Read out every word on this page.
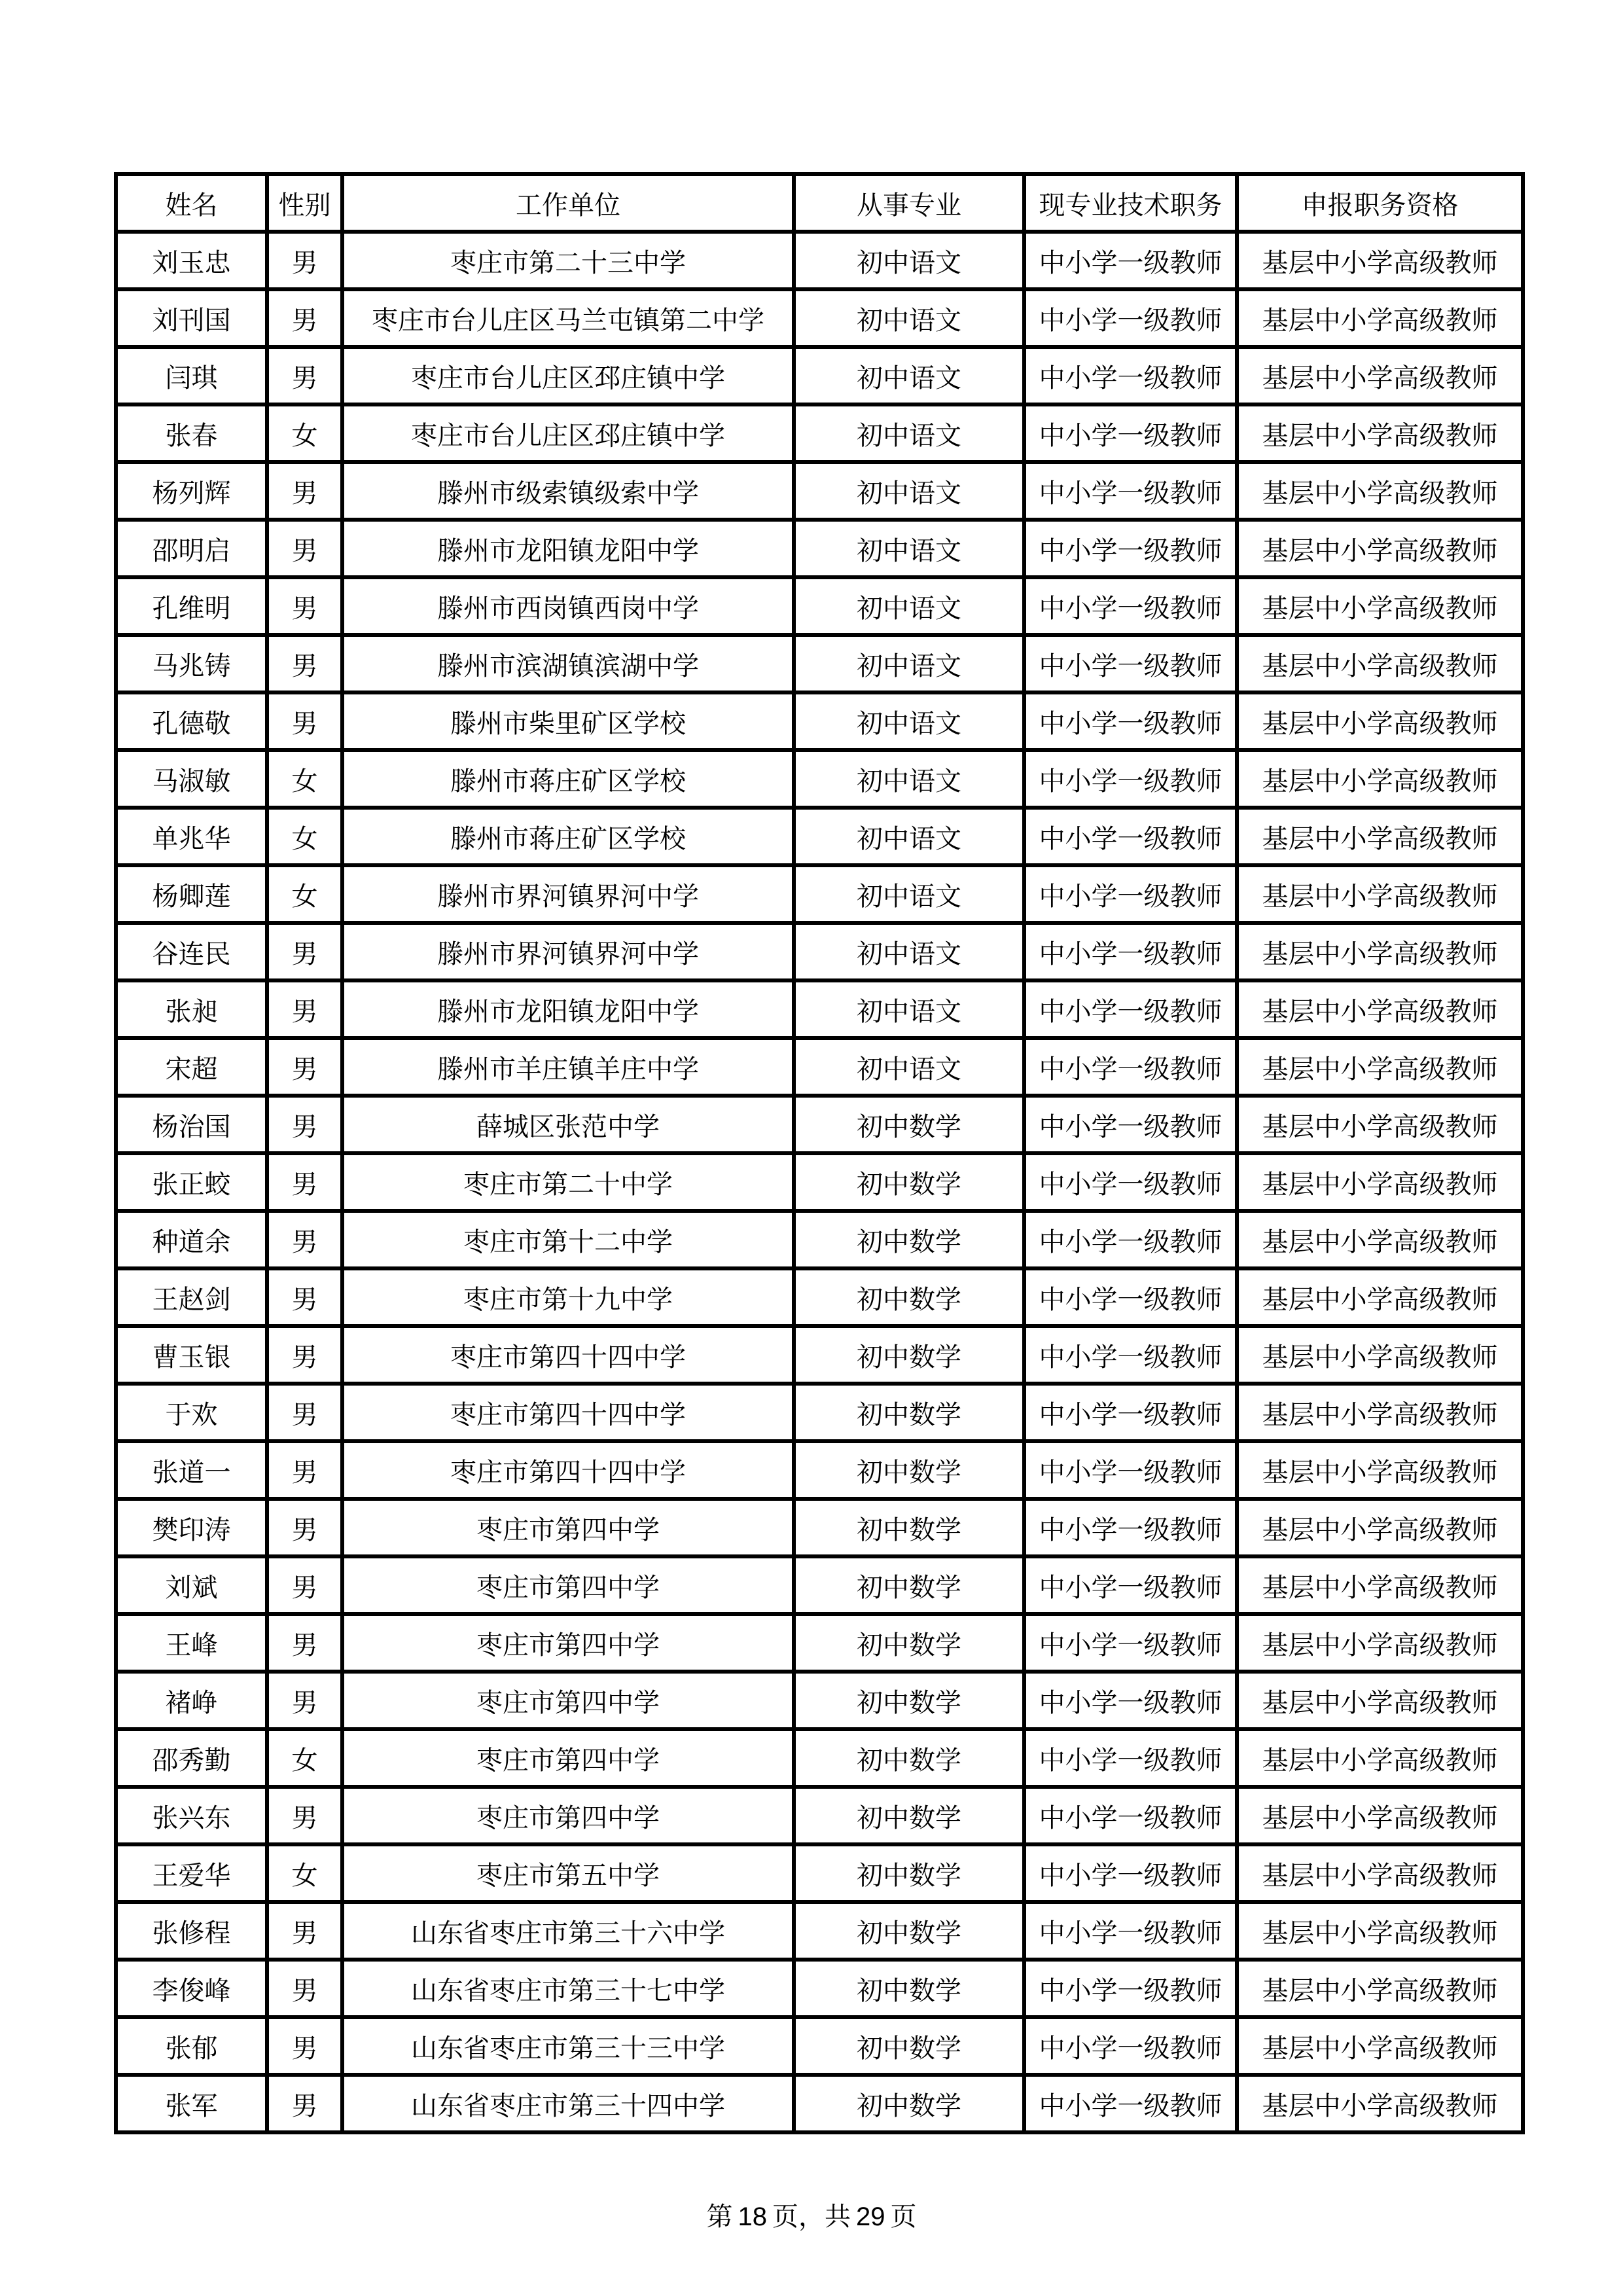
姓名	性别	工作单位	从事专业	现专业技术职务	申报职务资格
刘玉忠	男	枣庄市第二十三中学	初中语文	中小学一级教师	基层中小学高级教师
刘刊国	男	枣庄市台儿庄区马兰屯镇第二中学	初中语文	中小学一级教师	基层中小学高级教师
闫琪	男	枣庄市台儿庄区邳庄镇中学	初中语文	中小学一级教师	基层中小学高级教师
张春	女	枣庄市台儿庄区邳庄镇中学	初中语文	中小学一级教师	基层中小学高级教师
杨列辉	男	滕州市级索镇级索中学	初中语文	中小学一级教师	基层中小学高级教师
邵明启	男	滕州市龙阳镇龙阳中学	初中语文	中小学一级教师	基层中小学高级教师
孔维明	男	滕州市西岗镇西岗中学	初中语文	中小学一级教师	基层中小学高级教师
马兆铸	男	滕州市滨湖镇滨湖中学	初中语文	中小学一级教师	基层中小学高级教师
孔德敬	男	滕州市柴里矿区学校	初中语文	中小学一级教师	基层中小学高级教师
马淑敏	女	滕州市蒋庄矿区学校	初中语文	中小学一级教师	基层中小学高级教师
单兆华	女	滕州市蒋庄矿区学校	初中语文	中小学一级教师	基层中小学高级教师
杨卿莲	女	滕州市界河镇界河中学	初中语文	中小学一级教师	基层中小学高级教师
谷连民	男	滕州市界河镇界河中学	初中语文	中小学一级教师	基层中小学高级教师
张昶	男	滕州市龙阳镇龙阳中学	初中语文	中小学一级教师	基层中小学高级教师
宋超	男	滕州市羊庄镇羊庄中学	初中语文	中小学一级教师	基层中小学高级教师
杨治国	男	薛城区张范中学	初中数学	中小学一级教师	基层中小学高级教师
张正蛟	男	枣庄市第二十中学	初中数学	中小学一级教师	基层中小学高级教师
种道余	男	枣庄市第十二中学	初中数学	中小学一级教师	基层中小学高级教师
王赵剑	男	枣庄市第十九中学	初中数学	中小学一级教师	基层中小学高级教师
曹玉银	男	枣庄市第四十四中学	初中数学	中小学一级教师	基层中小学高级教师
于欢	男	枣庄市第四十四中学	初中数学	中小学一级教师	基层中小学高级教师
张道一	男	枣庄市第四十四中学	初中数学	中小学一级教师	基层中小学高级教师
樊印涛	男	枣庄市第四中学	初中数学	中小学一级教师	基层中小学高级教师
刘斌	男	枣庄市第四中学	初中数学	中小学一级教师	基层中小学高级教师
王峰	男	枣庄市第四中学	初中数学	中小学一级教师	基层中小学高级教师
褚峥	男	枣庄市第四中学	初中数学	中小学一级教师	基层中小学高级教师
邵秀勤	女	枣庄市第四中学	初中数学	中小学一级教师	基层中小学高级教师
张兴东	男	枣庄市第四中学	初中数学	中小学一级教师	基层中小学高级教师
王爱华	女	枣庄市第五中学	初中数学	中小学一级教师	基层中小学高级教师
张修程	男	山东省枣庄市第三十六中学	初中数学	中小学一级教师	基层中小学高级教师
李俊峰	男	山东省枣庄市第三十七中学	初中数学	中小学一级教师	基层中小学高级教师
张郁	男	山东省枣庄市第三十三中学	初中数学	中小学一级教师	基层中小学高级教师
张军	男	山东省枣庄市第三十四中学	初中数学	中小学一级教师	基层中小学高级教师
第 18 页，共 29 页
